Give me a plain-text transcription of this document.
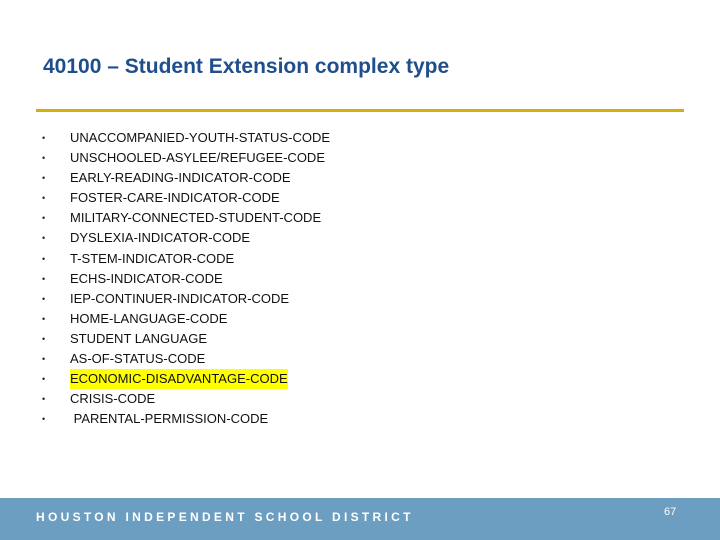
40100 – Student Extension complex type
• UNACCOMPANIED-YOUTH-STATUS-CODE
• UNSCHOOLED-ASYLEE/REFUGEE-CODE
• EARLY-READING-INDICATOR-CODE
• FOSTER-CARE-INDICATOR-CODE
• MILITARY-CONNECTED-STUDENT-CODE
• DYSLEXIA-INDICATOR-CODE
• T-STEM-INDICATOR-CODE
• ECHS-INDICATOR-CODE
• IEP-CONTINUER-INDICATOR-CODE
• HOME-LANGUAGE-CODE
• STUDENT LANGUAGE
• AS-OF-STATUS-CODE
• ECONOMIC-DISADVANTAGE-CODE
• CRISIS-CODE
• PARENTAL-PERMISSION-CODE
HOUSTON INDEPENDENT SCHOOL DISTRICT	67
